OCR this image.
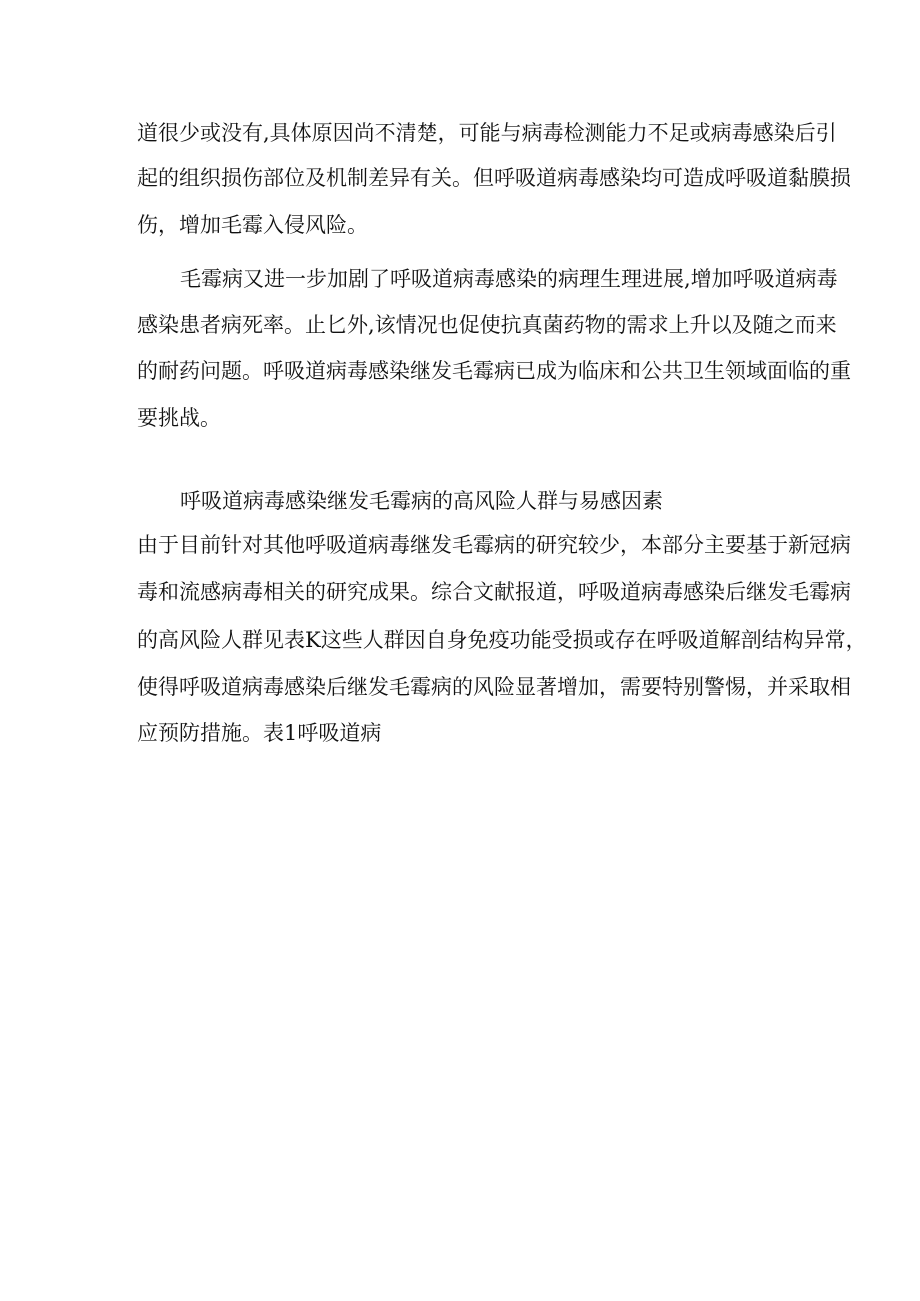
道很少或没有,具体原因尚不清楚，可能与病毒检测能力不足或病毒感染后引
起的组织损伤部位及机制差异有关。但呼吸道病毒感染均可造成呼吸道黏膜损
伤，增加毛霉入侵风险。
毛霉病又进一步加剧了呼吸道病毒感染的病理生理进展,增加呼吸道病毒
感染患者病死率。止匕外,该情况也促使抗真菌药物的需求上升以及随之而来
的耐药问题。呼吸道病毒感染继发毛霉病已成为临床和公共卫生领域面临的重
要挑战。
呼吸道病毒感染继发毛霉病的高风险人群与易感因素
由于目前针对其他呼吸道病毒继发毛霉病的研究较少，本部分主要基于新冠病
毒和流感病毒相关的研究成果。综合文献报道，呼吸道病毒感染后继发毛霉病
的高风险人群见表K这些人群因自身免疫功能受损或存在呼吸道解剖结构异常，
使得呼吸道病毒感染后继发毛霉病的风险显著增加，需要特别警惕，并采取相
应预防措施。表1呼吸道病
